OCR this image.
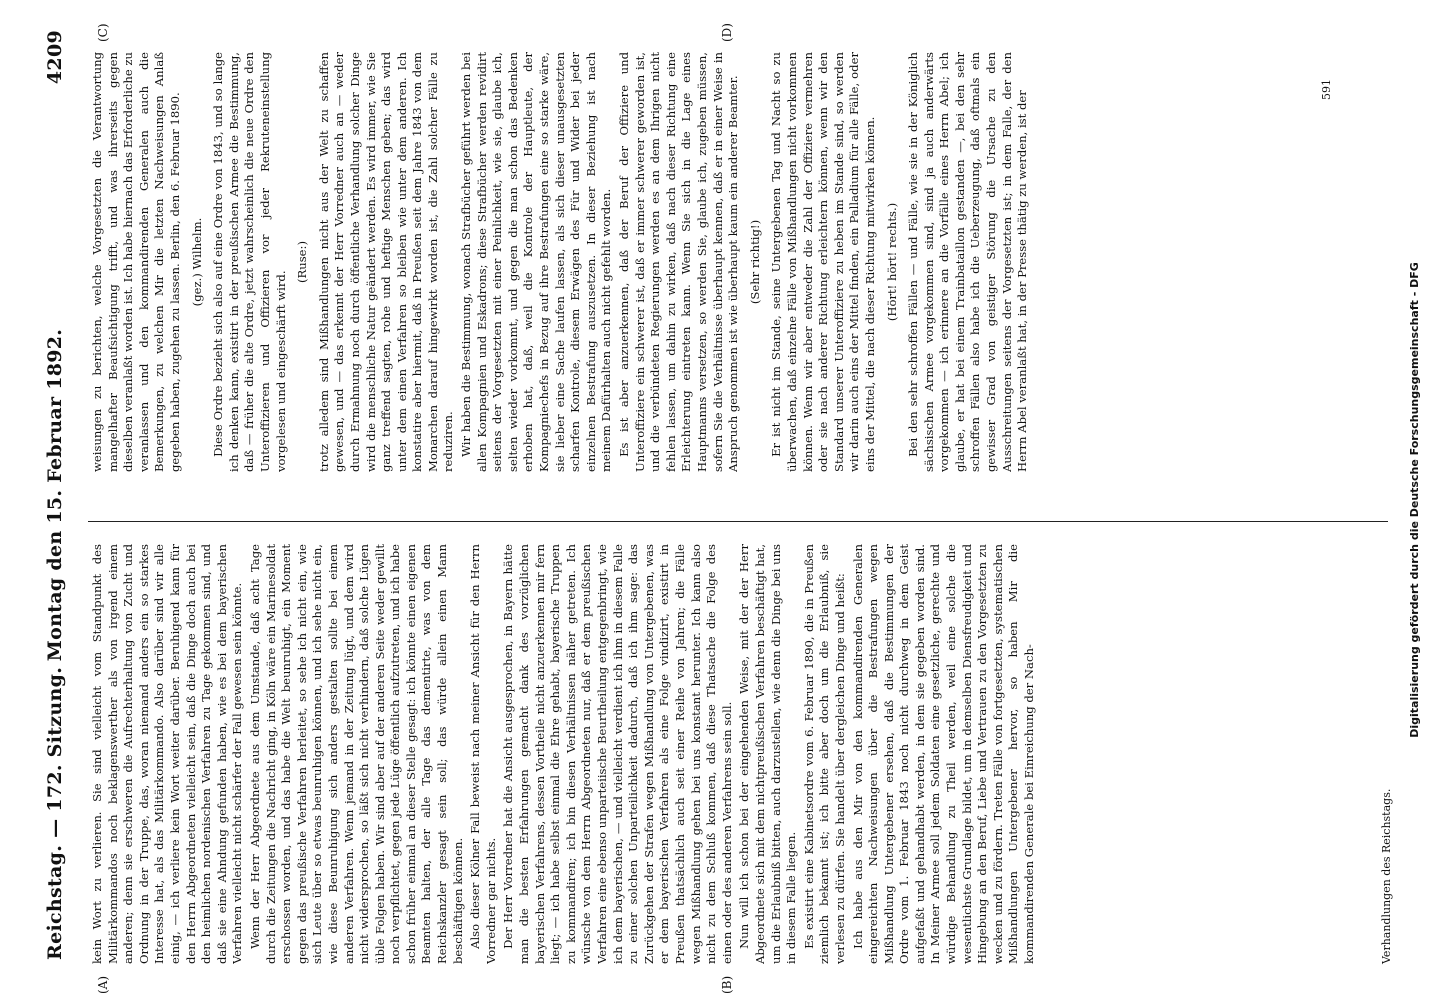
Reichstag. — 172. Sitzung.
Montag den 15. Februar 1892.
4209
(A)	(B)
(C)	(D)

kein Wort zu verlieren. Sie sind vielleicht vom Standpunkt des Militärkommandos noch beklagenswerther als von irgend einem anderen; denn sie erschweren die Aufrechterhaltung von Zucht und Ordnung in der Truppe, das, woran niemand anders ein so starkes Interesse hat, als das Militärkommando. Also darüber sind wir alle einig, — ich verliere kein Wort weiter darüber. Beruhigend kann für den Herrn Abgeordneten vielleicht sein, daß die Dinge doch auch bei den heimlichen nordenischen Verfahren zu Tage gekommen sind, und daß sie eine Ahndung gefunden haben, wie es bei dem bayerischen Verfahren vielleicht nicht schärfer der Fall gewesen sein könnte. Wenn der Herr Abgeordnete aus dem Umstande, daß acht Tage durch die Zeitungen die Nachricht ging, in Köln wäre ein Marinesoldat erschossen worden, und das habe die Welt beunruhigt, ein Moment gegen das preußische Verfahren herleitet, so sehe ich nicht ein, wie sich Leute über so etwas beunruhigen können, und ich sehe nicht ein, wie diese Beunruhigung sich anders gestalten sollte bei einem anderen Verfahren. Wenn jemand in der Zeitung lügt, und dem wird nicht widersprochen, so läßt sich nicht verhindern, daß solche Lügen üble Folgen haben. Wir sind aber auf der anderen Seite weder gewillt noch verpflichtet, gegen jede Lüge öffentlich aufzutreten, und ich habe schon früher einmal an dieser Stelle gesagt: ich könnte einen eigenen Beamten halten, der alle Tage das dementirte, was von dem Reichskanzler gesagt sein soll; das würde allein einen Mann beschäftigen können. Also dieser Kölner Fall beweist nach meiner Ansicht für den Herrn Vorredner gar nichts. Der Herr Vorredner hat die Ansicht ausgesprochen, in Bayern hätte man die besten Erfahrungen gemacht dank des vorzüglichen bayerischen Verfahrens, dessen Vortheile nicht anzuerkennen mir fern liegt; — ich habe selbst einmal die Ehre gehabt, bayerische Truppen zu kommandiren; ich bin diesen Verhältnissen näher getreten. Ich wünsche von dem Herrn Abgeordneten nur, daß er dem preußischen Verfahren eine ebenso unparteiische Beurtheilung entgegenbringt, wie ich dem bayerischen, — und vielleicht verdient ich ihm in diesem Falle zu einer solchen Unparteilichkeit dadurch, daß ich ihm sage: das Zurückgehen der Strafen wegen Mißhandlung von Untergebenen, was er dem bayerischen Verfahren als eine Folge vindizirt, existirt in Preußen thatsächlich auch seit einer Reihe von Jahren; die Fälle wegen Mißhandlung gehen bei uns konstant herunter. Ich kann also nicht zu dem Schluß kommen, daß diese Thatsache die Folge des einen oder des anderen Verfahrens sein soll. Nun will ich schon bei der eingehenden Weise, mit der der Herr Abgeordnete sich mit dem nichtpreußischen Verfahren beschäftigt hat, um die Erlaubniß bitten, auch darzustellen, wie denn die Dinge bei uns in diesem Falle liegen. Es existirt eine Kabinetsordre vom 6. Februar 1890, die in Preußen ziemlich bekannt ist; ich bitte aber doch um die Erlaubniß, sie verlesen zu dürfen. Sie handelt über dergleichen Dinge und heißt: Ich habe aus den Mir von den kommandirenden Generalen eingereichten Nachweisungen über die Bestrafungen wegen Mißhandlung Untergebener ersehen, daß die Bestimmungen der Ordre vom 1. Februar 1843 noch nicht durchweg in dem Geist aufgefaßt und gehandhabt werden, in dem sie gegeben worden sind. In Meiner Armee soll jedem Soldaten eine gesetzliche, gerechte und würdige Behandlung zu Theil werden, weil eine solche die wesentlichste Grundlage bildet, um in demselben Diensfreudigkeit und Hingebung an den Beruf, Liebe und Vertrauen zu den Vorgesetzten zu wecken und zu fördern. Treten Fälle von fortgesetzten, systematischen Mißhandlungen Untergebener hervor, so haben Mir die kommandirenden Generale bei Einreichung der Nach-

weisungen zu berichten, welche Vorgesetzten die Verantwortung mangelhafter Beaufsichtigung trifft, und was ihrerseits gegen dieselben veranlaßt worden ist. Ich habe hiernach das Erforderliche zu veranlassen und den kommandirenden Generalen auch die Bemerkungen, zu welchen Mir die letzten Nachweisungen Anlaß gegeben haben, zugehen zu lassen. Berlin, den 6. Februar 1890. (gez.) Wilhelm. Diese Ordre bezieht sich also auf eine Ordre von 1843, und so lange ich denken kann, existirt in der preußischen Armee die Bestimmung, daß — früher die alte Ordre, jetzt wahrscheinlich die neue Ordre den Unteroffizieren und Offizieren vor jeder Rekruteneinstellung vorgelesen und eingeschärft wird.

(Ruse:) trotz alledem sind Mißhandlungen nicht aus der Welt zu schaffen gewesen, und — das erkennt der Herr Vorredner auch an — weder durch Ermahnung noch durch öffentliche Verhandlung solcher Dinge wird die menschliche Natur geändert werden. Es wird immer, wie Sie ganz treffend sagten, rohe und heftige Menschen geben; das wird unter dem einen Verfahren so bleiben wie unter dem anderen. Ich konstatire aber hiermit, daß in Preußen seit dem Jahre 1843 von dem Monarchen darauf hingewirkt worden ist, die Zahl solcher Fälle zu reduziren. Wir haben die Bestimmung, wonach Strafbücher geführt werden bei allen Kompagnien und Eskadrons; diese Strafbücher werden revidirt seitens der Vorgesetzten mit einer Peinlichkeit, wie sie, glaube ich, selten wieder vorkommt, und gegen die man schon das Bedenken erhoben hat, daß, weil die Kontrole der Hauptleute, der Kompagniechefs in Bezug auf ihre Bestrafungen eine so starke wäre, sie lieber eine Sache laufen lassen, als sich dieser unausgesetzten scharfen Kontrole, diesem Erwägen des Für und Wider bei jeder einzelnen Bestrafung auszusetzen. In dieser Beziehung ist nach meinem Dafürhalten auch nicht gefehlt worden. Es ist aber anzuerkennen, daß der Beruf der Offiziere und Unteroffiziere ein schwerer ist, daß er immer schwerer geworden ist, und die verbündeten Regierungen werden es an dem Ihrigen nicht fehlen lassen, um dahin zu wirken, daß nach dieser Richtung eine Erleichterung eintreten kann. Wenn Sie sich in die Lage eines Hauptmanns versetzen, so werden Sie, glaube ich, zugeben müssen, sofern Sie die Verhältnisse überhaupt kennen, daß er in einer Weise in Anspruch genommen ist wie überhaupt kaum ein anderer Beamter. (Sehr richtig!) Er ist nicht im Stande, seine Untergebenen Tag und Nacht so zu überwachen, daß einzelne Fälle von Mißhandlungen nicht vorkommen können. Wenn wir aber entweder die Zahl der Offiziere vermehren oder sie nach anderer Richtung erleichtern können, wenn wir den Standard unserer Unteroffiziere zu heben im Stande sind, so werden wir darin auch eins der Mittel finden, ein Palladium für alle Fälle, oder eins der Mittel, die nach dieser Richtung mitwirken können. (Hört! hört! rechts.) Bei den sehr schroffen Fällen — und Fälle, wie sie in der Königlich sächsischen Armee vorgekommen sind, sind ja auch anderwärts vorgekommen — ich erinnere an die Vorfälle eines Herrn Abel; ich glaube, er hat bei einem Trainbataillon gestanden —, bei den sehr schroffen Fällen also habe ich die Ueberzeugung, daß oftmals ein gewisser Grad von geistiger Störung die Ursache zu den Ausschreitungen seitens der Vorgesetzten ist; in dem Falle, der den Herrn Abel veranlaßt hat, in der Presse thätig zu werden, ist der

591
Verhandlungen des Reichstags.
Digitalisierung gefördert durch die Deutsche Forschungsgemeinschaft - DFG
